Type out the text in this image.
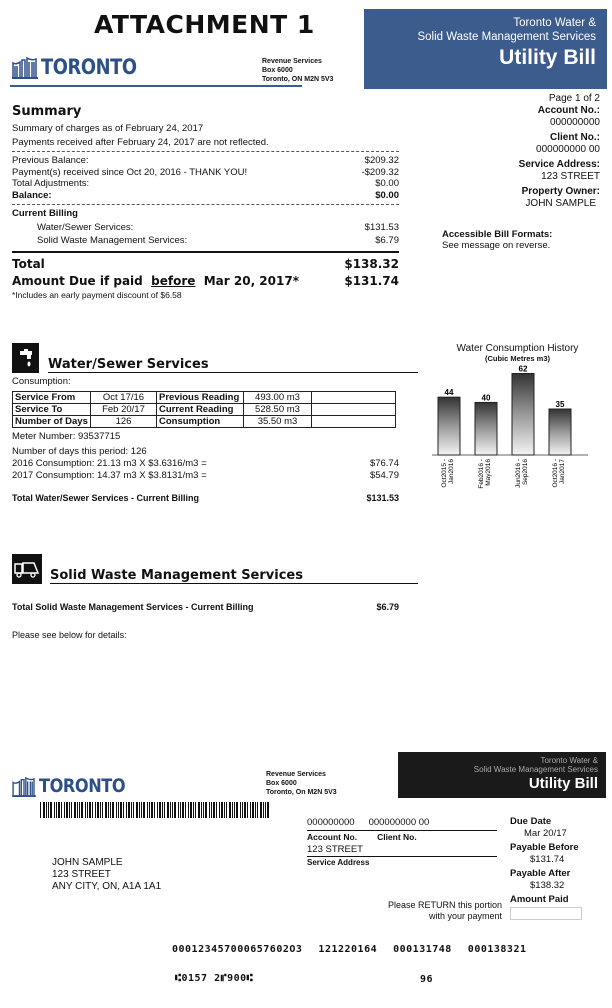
ATTACHMENT 1	Toronto Water &
Solid Waste Management Services
Utility Bill
TORONTO	Revenue Services
Box 6000
Toronto, ON M2N 5V3
Page 1 of 2
Account No.:
000000000
Client No.:
000000000 00
Service Address:
123 STREET
Property Owner:
JOHN SAMPLE
Accessible Bill Formats:
See message on reverse.
Summary
Summary of charges as of February 24, 2017
Payments received after February 24, 2017 are not reflected.
Previous Balance:	$209.32
Payment(s) received since Oct 20, 2016 - THANK YOU!	-$209.32
Total Adjustments:	$0.00
Balance:	$0.00
Current Billing
Water/Sewer Services:	$131.53
Solid Waste Management Services:	$6.79
Total	$138.32
Amount Due if paid before Mar 20, 2017*	$131.74
*Includes an early payment discount of $6.58
Water/Sewer Services
Consumption:
Service From	Oct 17/16	Previous Reading	493.00 m3	
Service To	Feb 20/17	Current Reading	528.50 m3	
Number of Days	126	Consumption	35.50 m3	
Meter Number: 93537715
Number of days this period: 126
2016 Consumption: 21.13 m3 X $3.6316/m3 =	$76.74
2017 Consumption: 14.37 m3 X $3.8131/m3 =	$54.79
Total Water/Sewer Services - Current Billing	$131.53
Water Consumption History
(Cubic Metres m3)
44
Oct2015 - Jan2016
40
Feb2016 - May2016
62
Jun2016 - Sep2016
35
Oct2016 - Jan2017
Solid Waste Management Services
Total Solid Waste Management Services - Current Billing	$6.79
Please see below for details:
TORONTO
Revenue Services
Box 6000
Toronto, On M2N 5V3
Toronto Water &
Solid Waste Management Services
Utility Bill
000000000 000000000 00
Account No. Client No.
123 STREET
Service Address
JOHN SAMPLE
123 STREET
ANY CITY, ON, A1A 1A1
Please RETURN this portion
with your payment
Due Date
Mar 20/17
Payable Before
$131.74
Payable After
$138.32
Amount Paid
000123457000657602O3 121220164 000131748 000138321
⑆0157 2⑈900⑆	96
